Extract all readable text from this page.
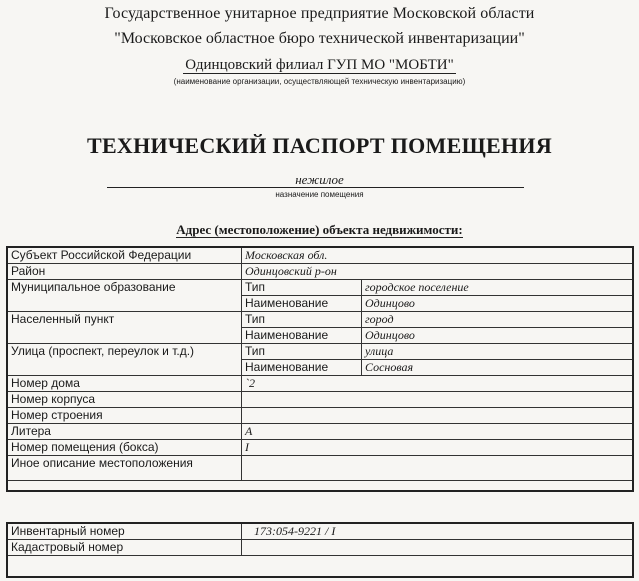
Государственное унитарное предприятие Московской области
"Московское областное бюро технической инвентаризации"
Одинцовский филиал ГУП МО "МОБТИ"
(наименование организации, осуществляющей техническую инвентаризацию)
ТЕХНИЧЕСКИЙ ПАСПОРТ ПОМЕЩЕНИЯ
нежилое
назначение помещения
Адрес (местоположение) объекта недвижимости:
Субъект Российской Федерации	Московская обл.	
Район	Одинцовский р-он	
Муниципальное образование	Тип	городское поселение
	Наименование	Одинцово
Населенный пункт	Тип	город
	Наименование	Одинцово
Улица (проспект, переулок и т.д.)	Тип	улица
	Наименование	Сосновая
Номер дома	`2	
Номер корпуса		
Номер строения		
Литера	А	
Номер помещения (бокса)	I	
Иное описание местоположения		
Инвентарный номер	173:054-9221 / I
Кадастровый номер	
